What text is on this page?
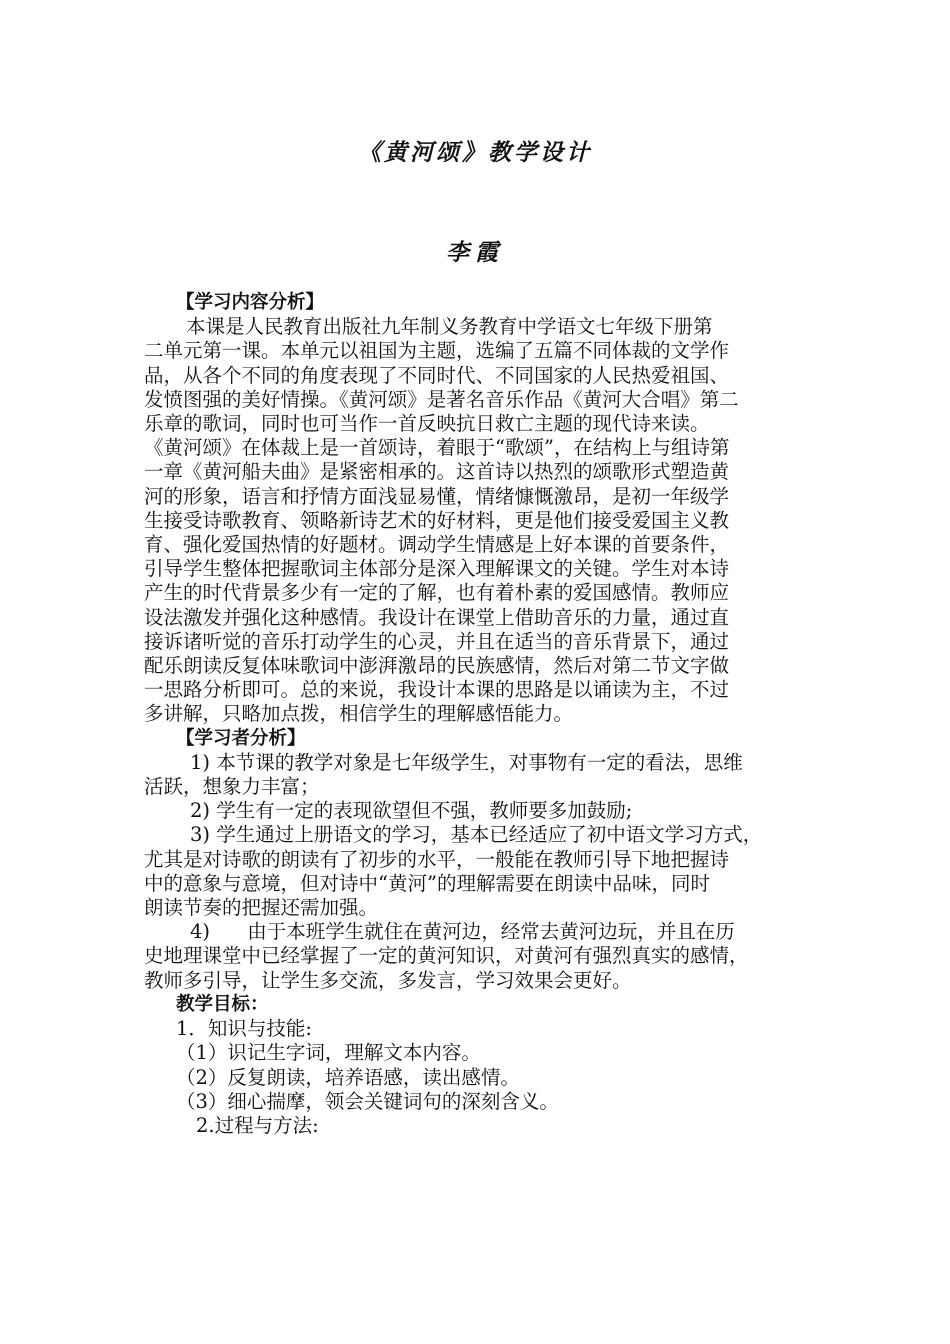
《黄河颂》教学设计
李霞
【学习内容分析】
本课是人民教育出版社九年制义务教育中学语文七年级下册第
二单元第一课。本单元以祖国为主题，选编了五篇不同体裁的文学作
品，从各个不同的角度表现了不同时代、不同国家的人民热爱祖国、
发愤图强的美好情操。《黄河颂》是著名音乐作品《黄河大合唱》第二
乐章的歌词，同时也可当作一首反映抗日救亡主题的现代诗来读。
《黄河颂》在体裁上是一首颂诗，着眼于“歌颂”，在结构上与组诗第
一章《黄河船夫曲》是紧密相承的。这首诗以热烈的颂歌形式塑造黄
河的形象，语言和抒情方面浅显易懂，情绪慷慨激昂，是初一年级学
生接受诗歌教育、领略新诗艺术的好材料，更是他们接受爱国主义教
育、强化爱国热情的好题材。调动学生情感是上好本课的首要条件，
引导学生整体把握歌词主体部分是深入理解课文的关键。学生对本诗
产生的时代背景多少有一定的了解，也有着朴素的爱国感情。教师应
设法激发并强化这种感情。我设计在课堂上借助音乐的力量，通过直
接诉诸听觉的音乐打动学生的心灵，并且在适当的音乐背景下，通过
配乐朗读反复体味歌词中澎湃激昂的民族感情，然后对第二节文字做
一思路分析即可。总的来说，我设计本课的思路是以诵读为主，不过
多讲解，只略加点拨，相信学生的理解感悟能力。
【学习者分析】
1) 本节课的教学对象是七年级学生，对事物有一定的看法，思维
活跃，想象力丰富；
2) 学生有一定的表现欲望但不强，教师要多加鼓励;
3) 学生通过上册语文的学习，基本已经适应了初中语文学习方式，
尤其是对诗歌的朗读有了初步的水平，一般能在教师引导下地把握诗
中的意象与意境，但对诗中“黄河”的理解需要在朗读中品味，同时
朗读节奏的把握还需加强。
4)      由于本班学生就住在黄河边，经常去黄河边玩，并且在历
史地理课堂中已经掌握了一定的黄河知识，对黄河有强烈真实的感情，
教师多引导，让学生多交流，多发言，学习效果会更好。
教学目标：
1．知识与技能:
（1）识记生字词，理解文本内容。
（2）反复朗读，培养语感，读出感情。
（3）细心揣摩，领会关键词句的深刻含义。
2.过程与方法:
